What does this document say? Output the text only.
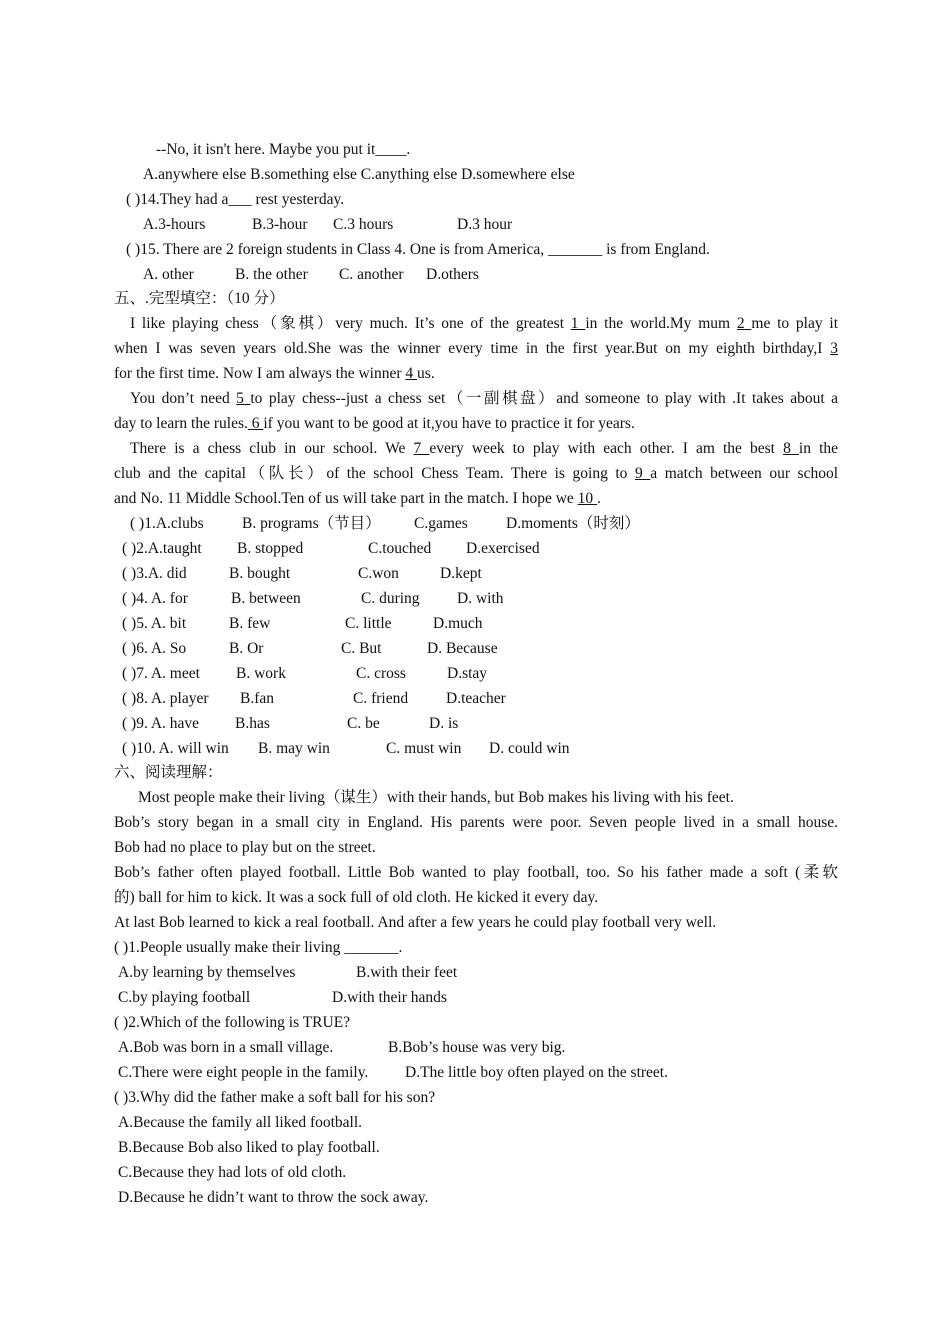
--No, it isn't here. Maybe you put it____.
A.anywhere else B.something else C.anything else D.somewhere else
( )14.They had a___ rest yesterday.
A.3-hours	B.3-hour C.3 hours	D.3 hour
( )15. There are 2 foreign students in Class 4. One is from America, _______ is from England.
A. other	B. the other C. another D.others
五、.完型填空：（10 分）
I like playing chess（象棋）very much. It’s one of the greatest 1 in the world.My mum 2 me to play it
when I was seven years old.She was the winner every time in the first year.But on my eighth birthday,I 3
for the first time. Now I am always the winner 4 us.
You don’t need 5 to play chess--just a chess set（一副棋盘）and someone to play with .It takes about a
day to learn the rules. 6 if you want to be good at it,you have to practice it for years.
There is a chess club in our school. We 7 every week to play with each other. I am the best 8 in the
club and the capital（队长）of the school Chess Team. There is going to 9 a match between our school
and No. 11 Middle School.Ten of us will take part in the match. I hope we 10 .
( )1.A.clubs B. programs（节目） C.games D.moments（时刻）
( )2.A.taught B. stopped	C.touched D.exercised
( )3.A. did	B. bought	C.won	D.kept
( )4. A. for	B. between	C. during D. with
( )5. A. bit	B. few	C. little	D.much
( )6. A. So	B. Or	C. But	D. Because
( )7. A. meet B. work	C. cross	D.stay
( )8. A. player B.fan	C. friend D.teacher
( )9. A. have B.has	C. be	D. is
( )10. A. will win B. may win	C. must win D. could win
六、阅读理解：
Most people make their living（谋生）with their hands, but Bob makes his living with his feet.
Bob’s story began in a small city in England. His parents were poor. Seven people lived in a small house.
Bob had no place to play but on the street.
Bob’s father often played football. Little Bob wanted to play football, too. So his father made a soft (柔软
的) ball for him to kick. It was a sock full of old cloth. He kicked it every day.
At last Bob learned to kick a real football. And after a few years he could play football very well.
( )1.People usually make their living _______.
A.by learning by themselves	B.with their feet
C.by playing football	D.with their hands
( )2.Which of the following is TRUE?
A.Bob was born in a small village.	B.Bob’s house was very big.
C.There were eight people in the family. D.The little boy often played on the street.
( )3.Why did the father make a soft ball for his son?
A.Because the family all liked football.
B.Because Bob also liked to play football.
C.Because they had lots of old cloth.
D.Because he didn’t want to throw the sock away.
